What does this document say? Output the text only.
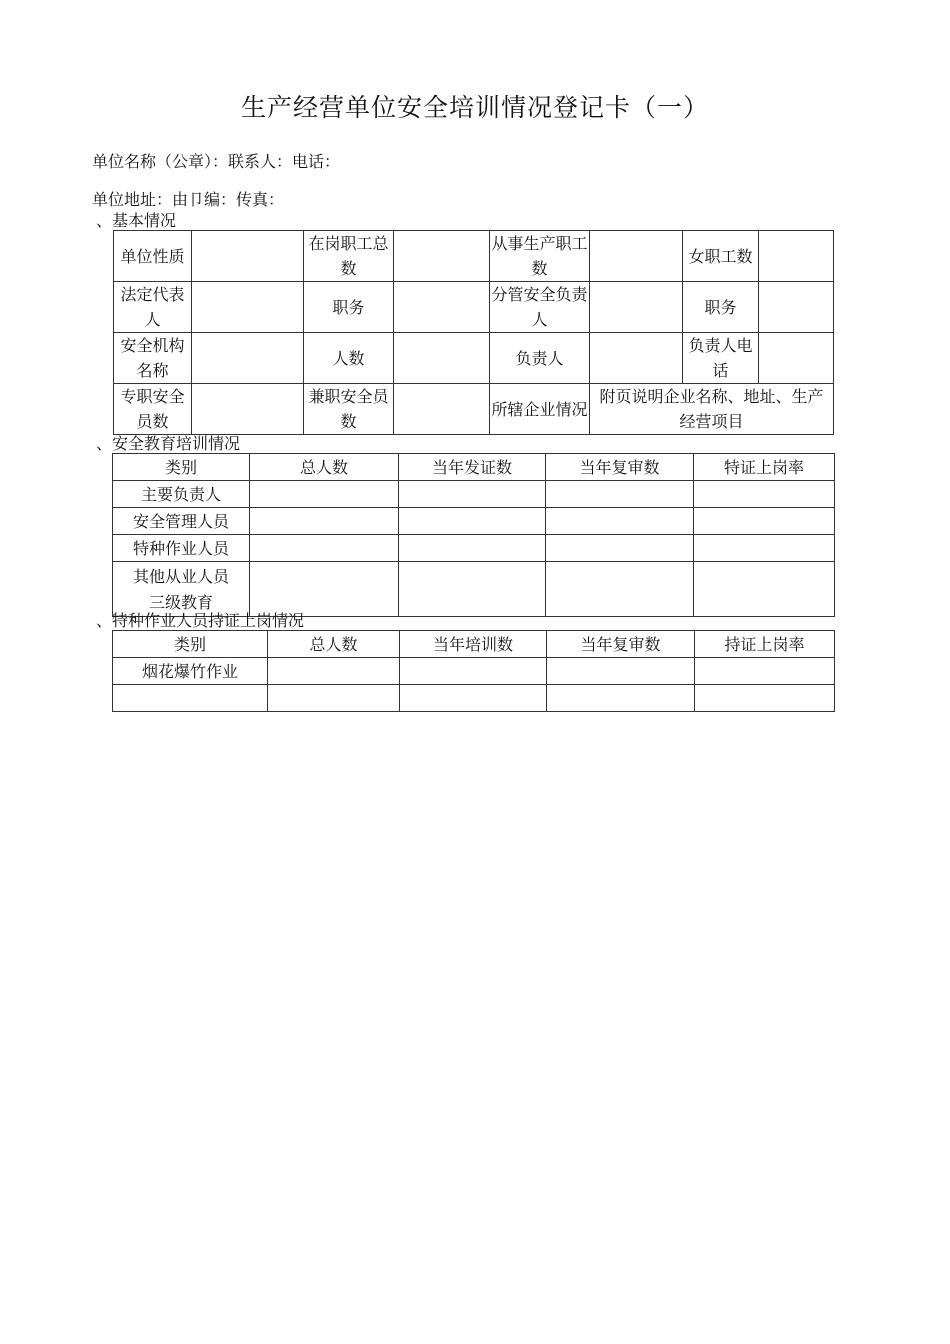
生产经营单位安全培训情况登记卡（一）
单位名称（公章）：联系人：电话：
单位地址：由卩编：传真：
、基本情况
单位性质		在岗职工总数		从事生产职工数		女职工数	
法定代表人		职务		分管安全负责人		职务	
安全机构名称		人数		负责人		负责人电话	
专职安全员数		兼职安全员数		所辖企业情况	附页说明企业名称、地址、生产经营项目		
、安全教育培训情况
类别	总人数	当年发证数	当年复审数	特证上岗率
主要负责人				
安全管理人员				
特种作业人员				
其他从业人员三级教育				
、特种作业人员持证上岗情况
类别	总人数	当年培训数	当年复审数	持证上岗率
烟花爆竹作业				
